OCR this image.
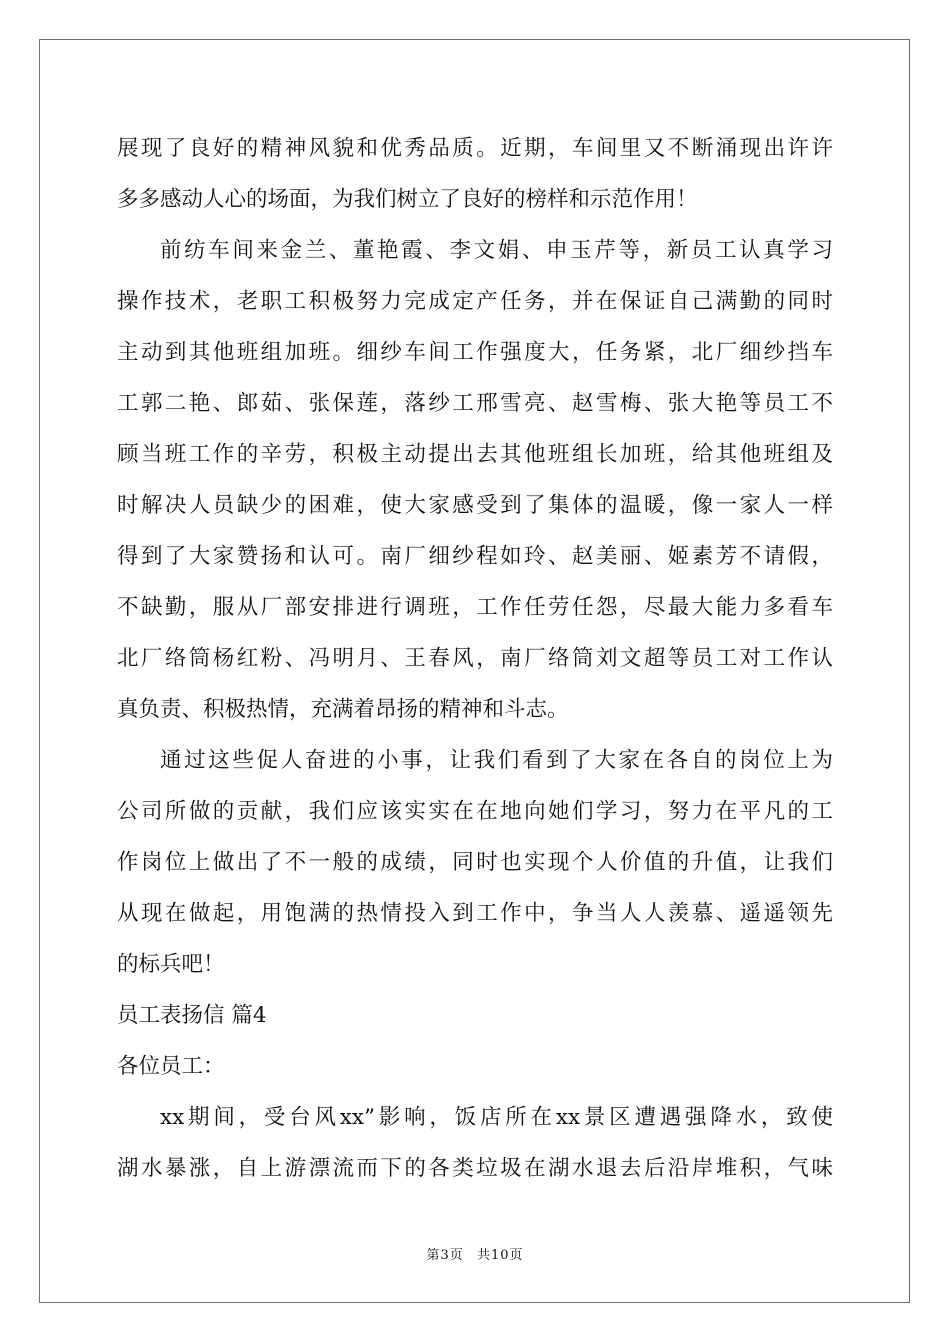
展现了良好的精神风貌和优秀品质。近期，车间里又不断涌现出许许
多多感动人心的场面，为我们树立了良好的榜样和示范作用！
前纺车间来金兰、董艳霞、李文娟、申玉芹等，新员工认真学习
操作技术，老职工积极努力完成定产任务，并在保证自己满勤的同时
主动到其他班组加班。细纱车间工作强度大，任务紧，北厂细纱挡车
工郭二艳、郎茹、张保莲，落纱工邢雪亮、赵雪梅、张大艳等员工不
顾当班工作的辛劳，积极主动提出去其他班组长加班，给其他班组及
时解决人员缺少的困难，使大家感受到了集体的温暖，像一家人一样
得到了大家赞扬和认可。南厂细纱程如玲、赵美丽、姬素芳不请假，
不缺勤，服从厂部安排进行调班，工作任劳任怨，尽最大能力多看车
北厂络筒杨红粉、冯明月、王春风，南厂络筒刘文超等员工对工作认
真负责、积极热情，充满着昂扬的精神和斗志。
通过这些促人奋进的小事，让我们看到了大家在各自的岗位上为
公司所做的贡献，我们应该实实在在地向她们学习，努力在平凡的工
作岗位上做出了不一般的成绩，同时也实现个人价值的升值，让我们
从现在做起，用饱满的热情投入到工作中，争当人人羡慕、遥遥领先
的标兵吧！
员工表扬信 篇4
各位员工：
xx期间，受台风xx”影响，饭店所在xx景区遭遇强降水，致使
湖水暴涨，自上游漂流而下的各类垃圾在湖水退去后沿岸堆积，气味
第3页 共10页
